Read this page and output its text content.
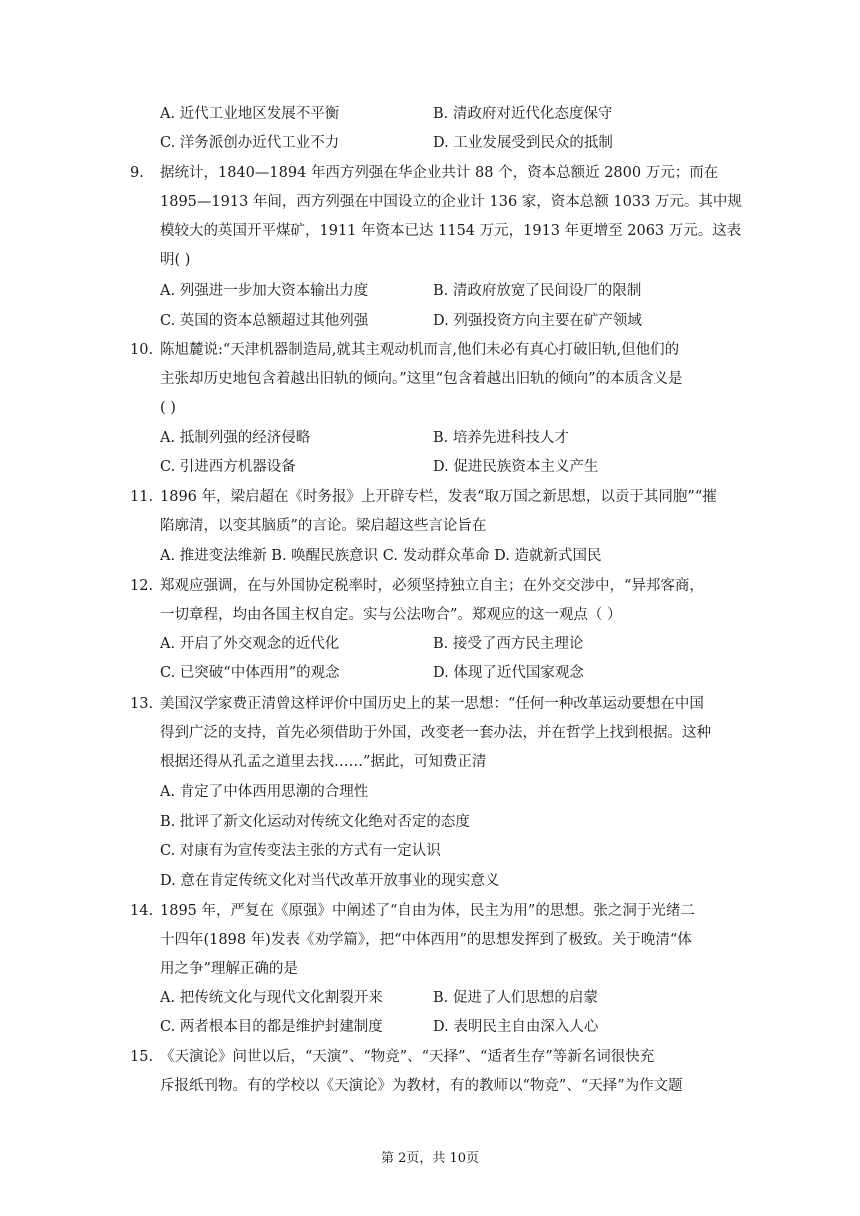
A. 近代工业地区发展不平衡	B. 清政府对近代化态度保守
C. 洋务派创办近代工业不力	D. 工业发展受到民众的抵制
9. 据统计，1840—1894 年西方列强在华企业共计 88 个，资本总额近 2800 万元；而在
1895—1913 年间，西方列强在中国设立的企业计 136 家，资本总额 1033 万元。其中规
模较大的英国开平煤矿，1911 年资本已达 1154 万元，1913 年更增至 2063 万元。这表
明( )
A. 列强进一步加大资本输出力度	B. 清政府放宽了民间设厂的限制
C. 英国的资本总额超过其他列强	D. 列强投资方向主要在矿产领域
10. 陈旭麓说:“天津机器制造局,就其主观动机而言,他们未必有真心打破旧轨,但他们的
主张却历史地包含着越出旧轨的倾向。”这里“包含着越出旧轨的倾向”的本质含义是
( )
A. 抵制列强的经济侵略	B. 培养先进科技人才
C. 引进西方机器设备	D. 促进民族资本主义产生
11. 1896 年，梁启超在《时务报》上开辟专栏，发表“取万国之新思想，以贡于其同胞”“摧
陷廓清，以变其脑质”的言论。梁启超这些言论旨在
A. 推进变法维新 B. 唤醒民族意识 C. 发动群众革命 D. 造就新式国民
12. 郑观应强调，在与外国协定税率时，必须坚持独立自主；在外交交涉中，“异邦客商，
一切章程，均由各国主权自定。实与公法吻合”。郑观应的这一观点（ ）
A. 开启了外交观念的近代化	B. 接受了西方民主理论
C. 已突破“中体西用”的观念	D. 体现了近代国家观念
13. 美国汉学家费正清曾这样评价中国历史上的某一思想：“任何一种改革运动要想在中国
得到广泛的支持，首先必须借助于外国，改变老一套办法，并在哲学上找到根据。这种
根据还得从孔孟之道里去找……”据此，可知费正清
A. 肯定了中体西用思潮的合理性
B. 批评了新文化运动对传统文化绝对否定的态度
C. 对康有为宣传变法主张的方式有一定认识
D. 意在肯定传统文化对当代改革开放事业的现实意义
14. 1895 年，严复在《原强》中阐述了“自由为体，民主为用”的思想。张之洞于光绪二
十四年(1898 年)发表《劝学篇》，把“中体西用”的思想发挥到了极致。关于晚清“体
用之争”理解正确的是
A. 把传统文化与现代文化割裂开来	B. 促进了人们思想的启蒙
C. 两者根本目的都是维护封建制度	D. 表明民主自由深入人心
15. 《天演论》问世以后，“天演”、“物竞”、“天择”、“适者生存”等新名词很快充
斥报纸刊物。有的学校以《天演论》为教材，有的教师以“物竞”、“天择”为作文题
第 2页，共 10页
